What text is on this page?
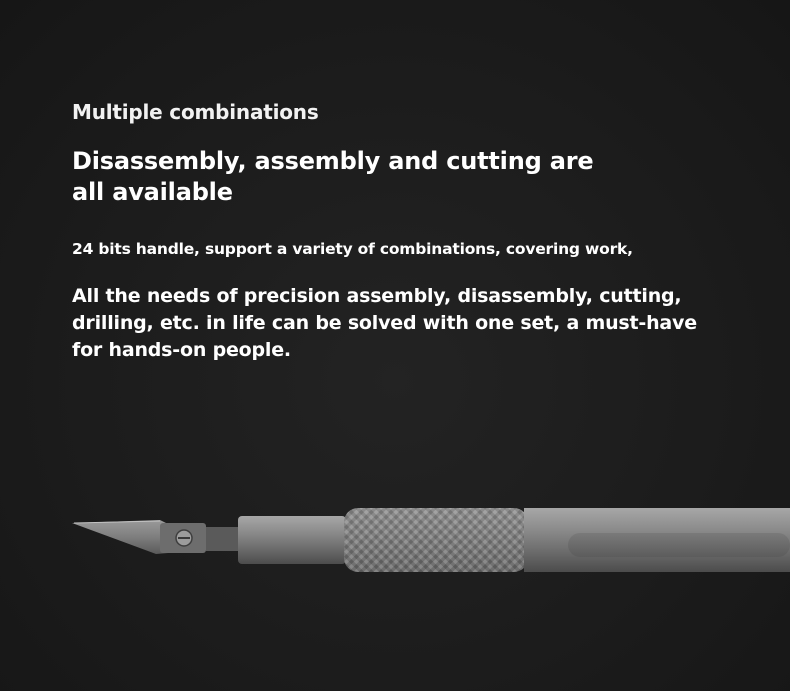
Multiple combinations
Disassembly, assembly and cutting are all available

24 bits handle, support a variety of combinations, covering work,

All the needs of precision assembly, disassembly, cutting, drilling, etc. in life can be solved with one set, a must-have for hands-on people.
